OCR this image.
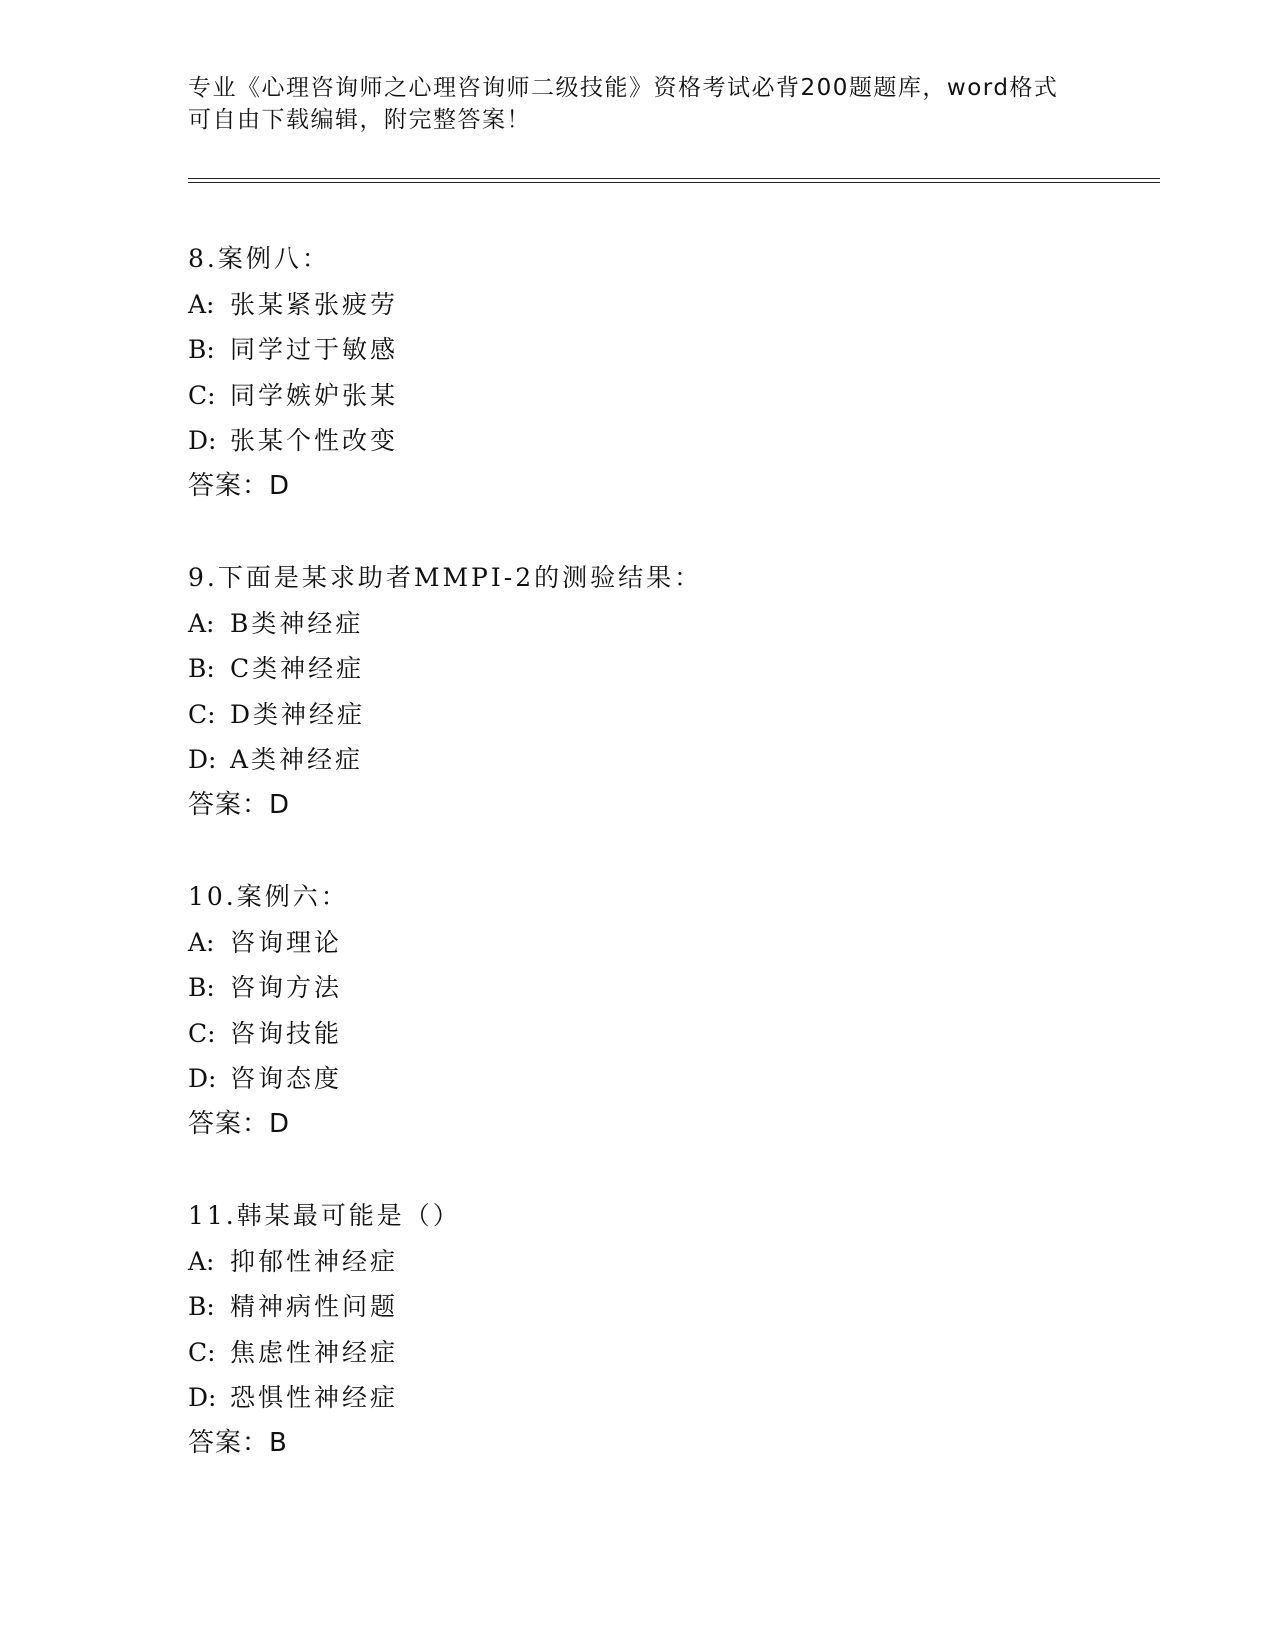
专业《心理咨询师之心理咨询师二级技能》资格考试必背200题题库，word格式
可自由下载编辑，附完整答案！
8.案例八：
A: 张某紧张疲劳
B: 同学过于敏感
C: 同学嫉妒张某
D: 张某个性改变
答案：D
9.下面是某求助者MMPI-2的测验结果：
A: B类神经症
B: C类神经症
C: D类神经症
D: A类神经症
答案：D
10.案例六：
A: 咨询理论
B: 咨询方法
C: 咨询技能
D: 咨询态度
答案：D
11.韩某最可能是（）
A: 抑郁性神经症
B: 精神病性问题
C: 焦虑性神经症
D: 恐惧性神经症
答案：B
